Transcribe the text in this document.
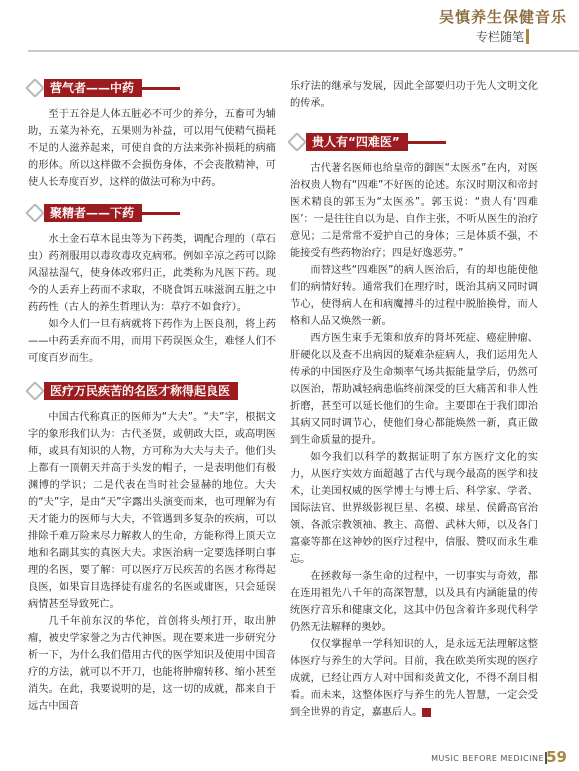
吴慎养生保健音乐
专栏随笔
营气者——中药

至于五谷是人体五脏必不可少的养分，五畜可为辅助，五菜为补充，五果则为补益，可以用气使精气损耗不足的人滋养起来，可使自食的方法来弥补损耗的病痛的形体。所以这样做不会损伤身体，不会丧散精神，可使人长寿度百岁，这样的做法可称为中药。

聚精者——下药

水土金石草木昆虫等为下药类，调配合理的（草石虫）药剂服用以毒攻毒攻克病邪。例如辛凉之药可以除风湿祛湿气，使身体改邪归正，此类称为凡医下药。现今的人丢弃上药而不求取，不晓食饵五味滋润五脏之中药药性（古人的养生哲理认为：草疗不如食疗）。

如今人们一旦有病就将下药作为上医良剂，将上药——中药丢弃而不用，而用下药误医众生，难怪人们不可度百岁而生。

医疗万民疾苦的名医才称得起良医

中国古代称真正的医师为“大夫”。“夫”字，根据文字的象形我们认为：古代圣贤，或朝政大臣，或高明医师，或具有知识的人物，方可称为大夫与夫子。他们头上都有一顶朝天并高于头发的帽子，一是表明他们有极渊博的学识；二是代表在当时社会显赫的地位。大夫的“夫”字，是由“天”字露出头演变而来，也可理解为有天才能力的医师与大夫，不管遇到多复杂的疾病，可以排除千难万险来尽力解救人的生命，方能称得上顶天立地和名副其实的真医大夫。求医治病一定要选择明白事理的名医，要了解：可以医疗万民疾苦的名医才称得起良医，如果盲目选择徒有虚名的名医或庸医，只会延误病情甚至导致死亡。

几千年前东汉的华佗，首创将头颅打开，取出肿瘤，被史学家誉之为古代神医。现在要来进一步研究分析一下，为什么我们借用古代的医学知识及使用中国音疗的方法，就可以不开刀，也能将肿瘤转移、缩小甚至消失。在此，我要说明的是，这一切的成就，都来自于远古中国音

乐疗法的继承与发展，因此全部要归功于先人文明文化的传承。

贵人有“四难医”

古代著名医师也给皇帝的御医“太医丞”在内，对医治权贵人物有“四难”不好医的论述。东汉时期汉和帝封医术精良的郭玉为“太医丞”。郭玉说：“贵人有‘四难医’：一是往往自以为是、自作主张，不听从医生的治疗意见；二是常常不爱护自己的身体；三是体质不强，不能接受有些药物治疗；四是好逸恶劳。”

而替这些“四难医”的病人医治后，有的却也能使他们的病情好转。通常我们在理疗时，既治其病又同时调节心，使得病人在和病魔搏斗的过程中脱胎换骨，而人格和人品又焕然一新。

西方医生束手无策和放弃的肾坏死症、癌症肿瘤、肝硬化以及查不出病因的疑难杂症病人，我们运用先人传承的中国医疗及生命频率气场共振能量学后，仍然可以医治，帮助减轻病患临终前深受的巨大痛苦和非人性折磨，甚至可以延长他们的生命。主要即在于我们即治其病又同时调节心，使他们身心都能焕然一新，真正做到生命质量的提升。

如今我们以科学的数据证明了东方医疗文化的实力，从医疗实效方面超越了古代与现今最高的医学和技术，让美国权威的医学博士与博士后、科学家、学者、国际法官、世界级影视巨星、名模、球星、侯爵高官治领、各派宗教领袖、教主、高僧、武林大师，以及各门富豪等都在这神妙的医疗过程中，信服、赞叹而永生难忘。

在拯救每一条生命的过程中，一切事实与奇效，都在连用祖先八千年的高深智慧，以及具有内涵能量的传统医疗音乐和健康文化，这其中仍包含着许多现代科学仍然无法解释的奥妙。

仅仅掌握单一学科知识的人，是永远无法理解这整体医疗与养生的大学问。目前，我在欧美所实现的医疗成就，已经让西方人对中国和炎黄文化，不得不刮目相看。而未来，这整体医疗与养生的先人智慧，一定会受到全世界的肯定，嘉惠后人。	禾

MUSIC BEFORE MEDICINE 59
